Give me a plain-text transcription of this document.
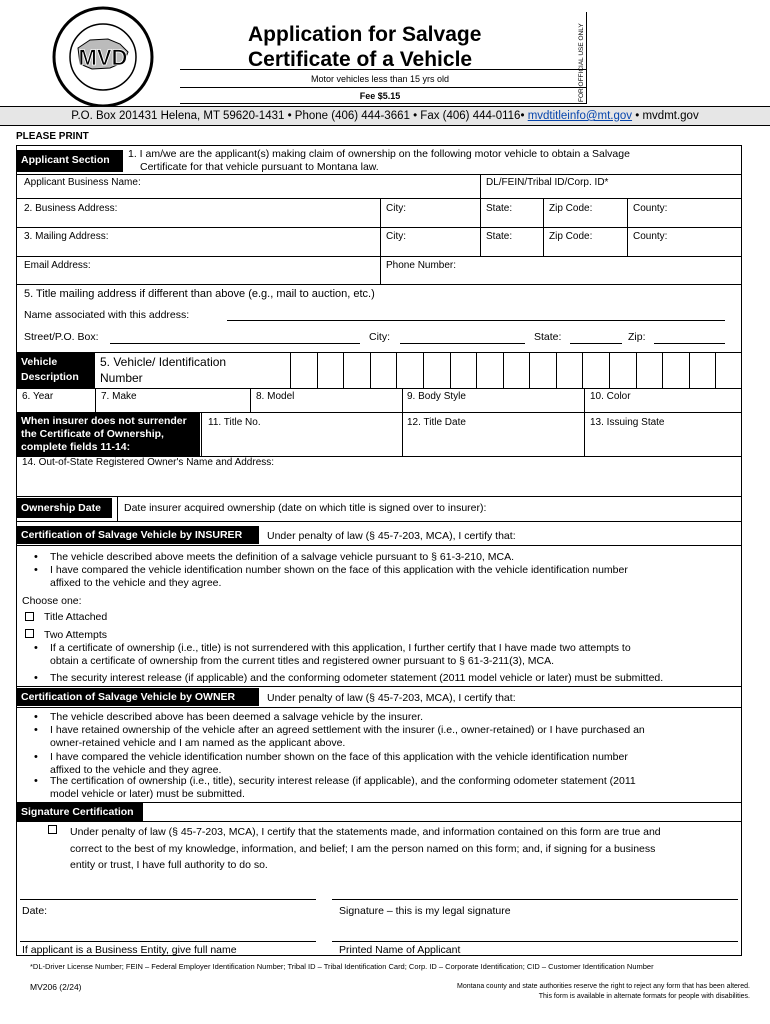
MVD
Application for Salvage
Certificate of a Vehicle
Motor vehicles less than 15 yrs old
Fee $5.15	FOR OFFICIAL USE ONLY
P.O. Box 201431 Helena, MT 59620-1431 • Phone (406) 444-3661 • Fax (406) 444-0116• mvdtitleinfo@mt.gov • mvdmt.gov
PLEASE PRINT
Applicant Section	1. I am/we are the applicant(s) making claim of ownership on the following motor vehicle to obtain a Salvage
Certificate for that vehicle pursuant to Montana law.
Applicant Business Name:	DL/FEIN/Tribal ID/Corp. ID*
2. Business Address:	City:	State:	Zip Code:	County:
3. Mailing Address:	City:	State:	Zip Code:	County:
Email Address:	Phone Number:
5. Title mailing address if different than above (e.g., mail to auction, etc.)
Name associated with this address:
Street/P.O. Box:	City:	State:	Zip:
Vehicle
Description
5. Vehicle/ Identification
Number
6. Year	7. Make	8. Model	9. Body Style	10. Color
When insurer does not surrender
the Certificate of Ownership,
complete fields 11-14:
11. Title No.	12. Title Date	13. Issuing State
14. Out-of-State Registered Owner's Name and Address:
Ownership Date	Date insurer acquired ownership (date on which title is signed over to insurer):
Certification of Salvage Vehicle by INSURER	Under penalty of law (§ 45-7-203, MCA), I certify that:
• The vehicle described above meets the definition of a salvage vehicle pursuant to § 61-3-210, MCA.
• I have compared the vehicle identification number shown on the face of this application with the vehicle identification number
affixed to the vehicle and they agree.
Choose one:
Title Attached
Two Attempts
• If a certificate of ownership (i.e., title) is not surrendered with this application, I further certify that I have made two attempts to
obtain a certificate of ownership from the current titles and registered owner pursuant to § 61-3-211(3), MCA.
• The security interest release (if applicable) and the conforming odometer statement (2011 model vehicle or later) must be submitted.
Certification of Salvage Vehicle by OWNER	Under penalty of law (§ 45-7-203, MCA), I certify that:
• The vehicle described above has been deemed a salvage vehicle by the insurer.
• I have retained ownership of the vehicle after an agreed settlement with the insurer (i.e., owner-retained) or I have purchased an
owner-retained vehicle and I am named as the applicant above.
• I have compared the vehicle identification number shown on the face of this application with the vehicle identification number
affixed to the vehicle and they agree.
• The certification of ownership (i.e., title), security interest release (if applicable), and the conforming odometer statement (2011
model vehicle or later) must be submitted.
Signature Certification
Under penalty of law (§ 45-7-203, MCA), I certify that the statements made, and information contained on this form are true and
correct to the best of my knowledge, information, and belief; I am the person named on this form; and, if signing for a business
entity or trust, I have full authority to do so.
Date:	Signature – this is my legal signature
If applicant is a Business Entity, give full name	Printed Name of Applicant
*DL-Driver License Number; FEIN – Federal Employer Identification Number; Tribal ID – Tribal Identification Card; Corp. ID – Corporate Identification; CID – Customer Identification Number
MV206 (2/24)	Montana county and state authorities reserve the right to reject any form that has been altered.
This form is available in alternate formats for people with disabilities.
